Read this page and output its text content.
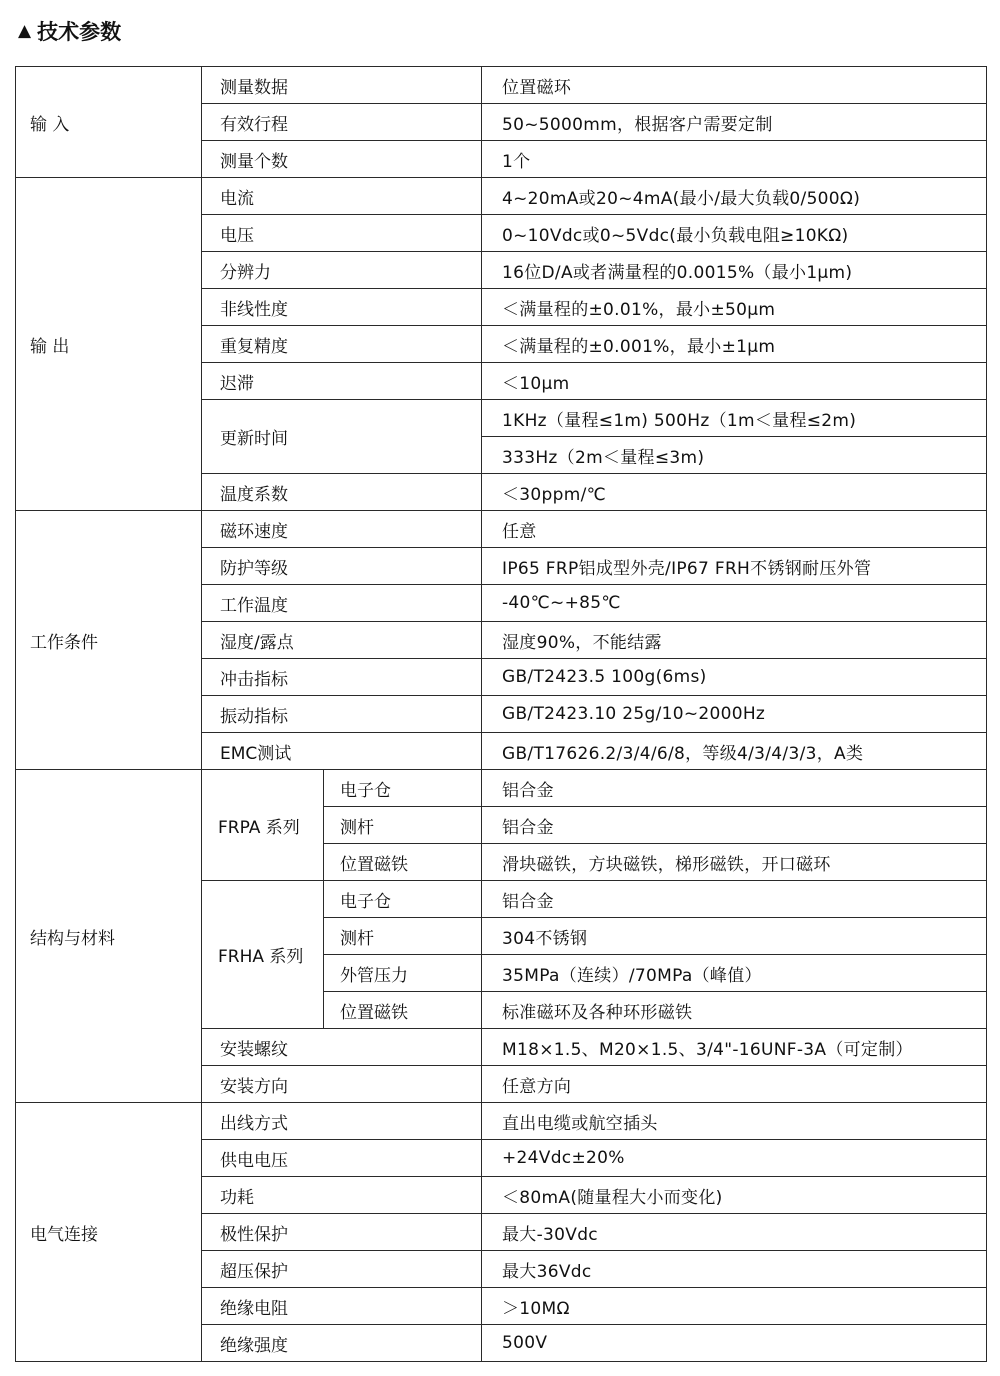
▲ 技术参数
输 入	测量数据		位置磁环
	有效行程		50~5000mm，根据客户需要定制
	测量个数		1个
输 出	电流		4~20mA或20~4mA(最小/最大负载0/500Ω)
	电压		0~10Vdc或0~5Vdc(最小负载电阻≥10KΩ)
	分辨力		16位D/A或者满量程的0.0015%（最小1μm)
	非线性度		＜满量程的±0.01%，最小±50μm
	重复精度		＜满量程的±0.001%，最小±1μm
	迟滞		＜10μm
	更新时间		1KHz（量程≤1m) 500Hz（1m＜量程≤2m)
			333Hz（2m＜量程≤3m)
	温度系数		＜30ppm/℃
工作条件	磁环速度		任意
	防护等级		IP65 FRP铝成型外壳/IP67 FRH不锈钢耐压外管
	工作温度		-40℃~+85℃
	湿度/露点		湿度90%，不能结露
	冲击指标		GB/T2423.5 100g(6ms)
	振动指标		GB/T2423.10 25g/10~2000Hz
	EMC测试		GB/T17626.2/3/4/6/8，等级4/3/4/3/3，A类
结构与材料	FRPA 系列	电子仓	铝合金
		测杆	铝合金
		位置磁铁	滑块磁铁，方块磁铁，梯形磁铁，开口磁环
	FRHA 系列	电子仓	铝合金
		测杆	304不锈钢
		外管压力	35MPa（连续）/70MPa（峰值）
		位置磁铁	标准磁环及各种环形磁铁
	安装螺纹		M18×1.5、M20×1.5、3/4"-16UNF-3A（可定制）
	安装方向		任意方向
电气连接	出线方式		直出电缆或航空插头
	供电电压		+24Vdc±20%
	功耗		＜80mA(随量程大小而变化)
	极性保护		最大-30Vdc
	超压保护		最大36Vdc
	绝缘电阻		＞10MΩ
	绝缘强度		500V
